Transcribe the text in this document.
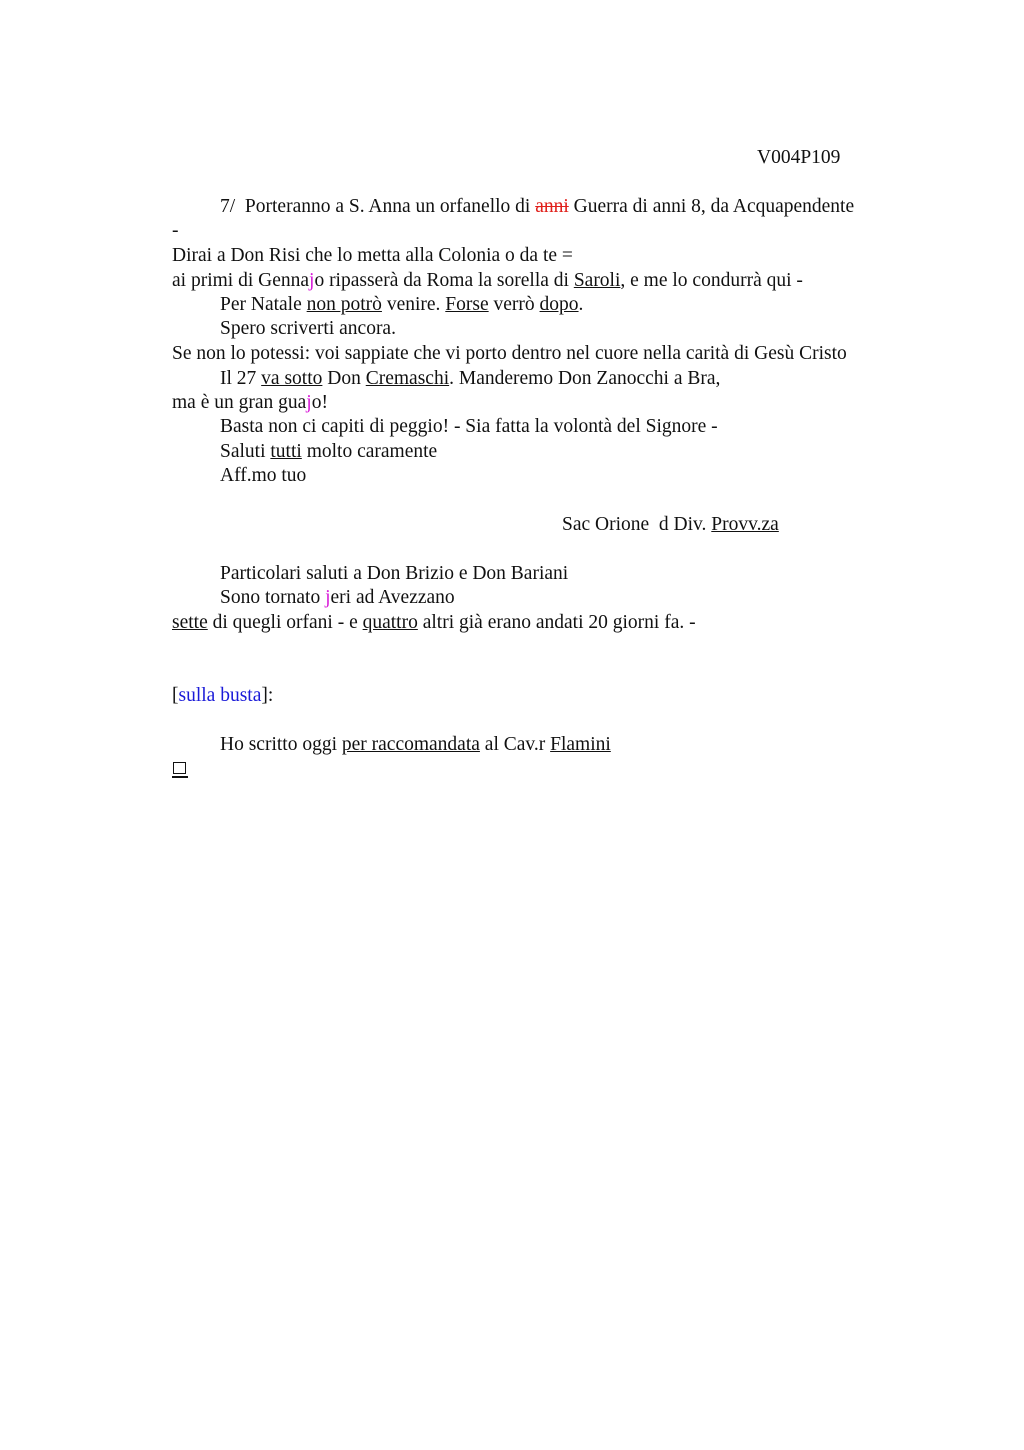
V004P109
7/ Porteranno a S. Anna un orfanello di anni Guerra di anni 8, da Acquapendente
-
Dirai a Don Risi che lo metta alla Colonia o da te =
ai primi di Gennajo ripasserà da Roma la sorella di Saroli, e me lo condurrà qui -
Per Natale non potrò venire. Forse verrò dopo.
Spero scriverti ancora.
Se non lo potessi: voi sappiate che vi porto dentro nel cuore nella carità di Gesù Cristo
Il 27 va sotto Don Cremaschi. Manderemo Don Zanocchi a Bra,
ma è un gran guajo!
Basta non ci capiti di peggio! - Sia fatta la volontà del Signore -
Saluti tutti molto caramente
Aff.mo tuo
Sac Orione  d Div. Provv.za
Particolari saluti a Don Brizio e Don Bariani
Sono tornato jeri ad Avezzano
sette di quegli orfani - e quattro altri già erano andati 20 giorni fa. -
[sulla busta]:
Ho scritto oggi per raccomandata al Cav.r Flamini
